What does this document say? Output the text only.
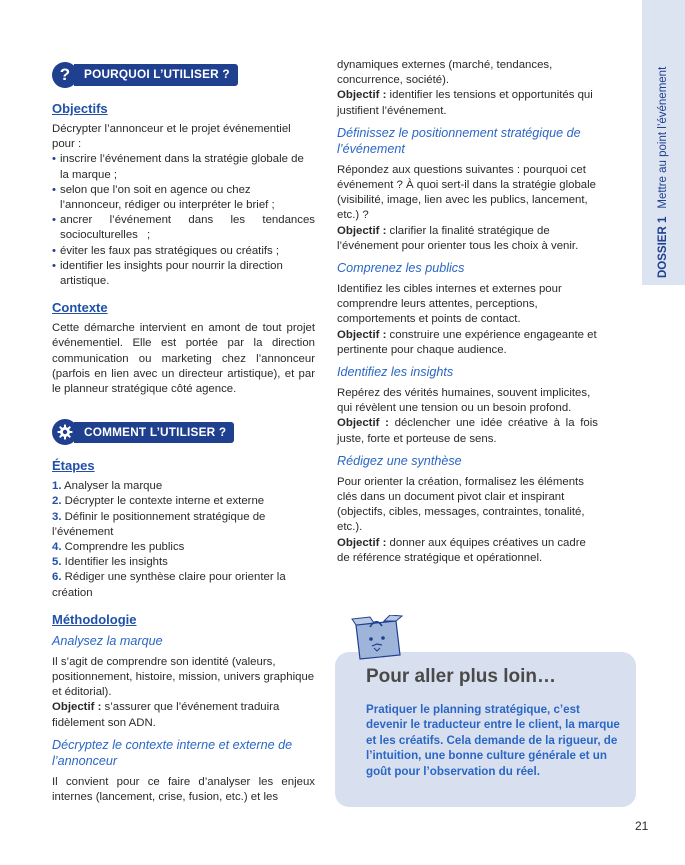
DOSSIER 1Mettre au point l’événement
?	POURQUOI L’UTILISER ?
Objectifs

Décrypter l’annonceur et le projet événementiel pour :

• inscrire l’événement dans la stratégie globale de la marque ;
• selon que l’on soit en agence ou chez l’annonceur, rédiger ou interpréter le brief ;
• ancrer l’événement dans les tendances socioculturelles ;
• éviter les faux pas stratégiques ou créatifs ;
• identifier les insights pour nourrir la direction artistique.
Contexte

Cette démarche intervient en amont de tout projet événementiel. Elle est portée par la direction communication ou marketing chez l’annonceur (parfois en lien avec un directeur artistique), et par le planneur stratégique côté agence.

COMMENT L’UTILISER ?
Étapes
1. Analyser la marque
2. Décrypter le contexte interne et externe
3. Définir le positionnement stratégique de l’événement
4. Comprendre les publics
5. Identifier les insights
6. Rédiger une synthèse claire pour orienter la création
Méthodologie
Analysez la marque

Il s’agit de comprendre son identité (valeurs, positionnement, histoire, mission, univers graphique et éditorial).

Objectif : s’assurer que l’événement traduira fidèlement son ADN.

Décryptez le contexte interne et externe de l’annonceur

Il convient pour ce faire d’analyser les enjeux internes (lancement, crise, fusion, etc.) et les

dynamiques externes (marché, tendances, concurrence, société).

Objectif : identifier les tensions et opportunités qui justifient l’événement.

Définissez le positionnement stratégique de l’événement

Répondez aux questions suivantes : pourquoi cet événement ? À quoi sert-il dans la stratégie globale (visibilité, image, lien avec les publics, lancement, etc.) ?

Objectif : clarifier la finalité stratégique de l’événement pour orienter tous les choix à venir.

Comprenez les publics

Identifiez les cibles internes et externes pour comprendre leurs attentes, perceptions, comportements et points de contact.

Objectif : construire une expérience engageante et pertinente pour chaque audience.

Identifiez les insights

Repérez des vérités humaines, souvent implicites, qui révèlent une tension ou un besoin profond.

Objectif : déclencher une idée créative à la fois juste, forte et porteuse de sens.

Rédigez une synthèse

Pour orienter la création, formalisez les éléments clés dans un document pivot clair et inspirant (objectifs, cibles, messages, contraintes, tonalité, etc.).

Objectif : donner aux équipes créatives un cadre de référence stratégique et opérationnel.

Pour aller plus loin…
Pratiquer le planning stratégique, c’est devenir le traducteur entre le client, la marque et les créatifs. Cela demande de la rigueur, de l’intuition, une bonne culture générale et un goût pour l’observation du réel.
21
